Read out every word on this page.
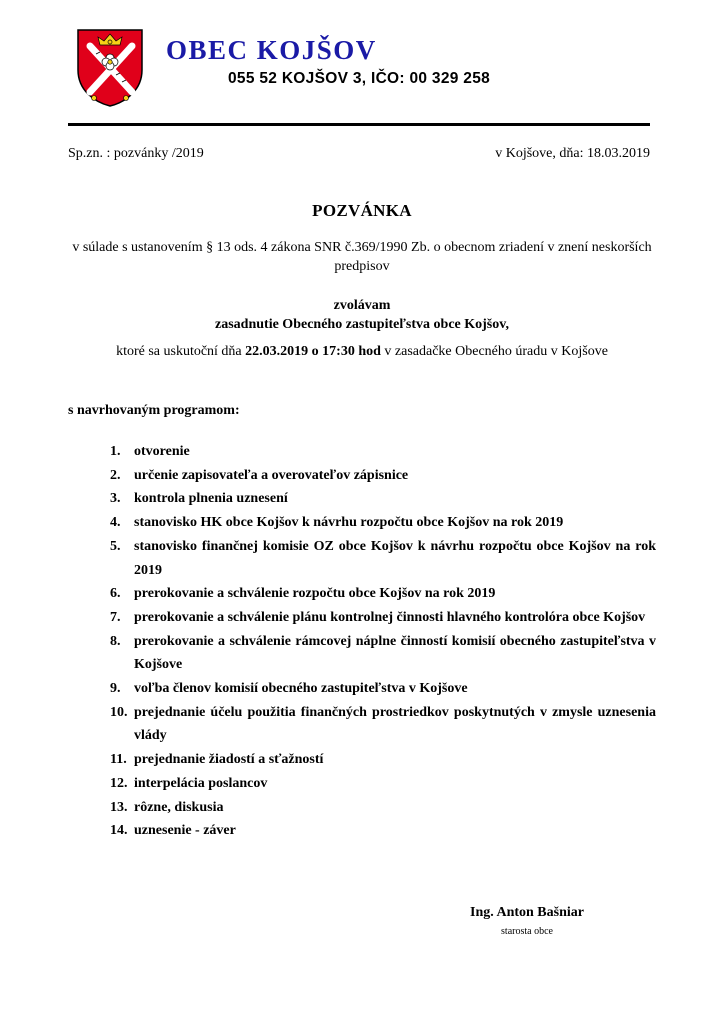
OBEC KOJŠOV
055 52 KOJŠOV 3, IČO: 00 329 258
Sp.zn. : pozvánky /2019	v Kojšove, dňa: 18.03.2019
POZVÁNKA
v súlade s ustanovením § 13 ods. 4 zákona SNR č.369/1990 Zb. o obecnom zriadení v znení neskorších predpisov
zvolávam
zasadnutie Obecného zastupiteľstva obce Kojšov,
ktoré sa uskutoční dňa 22.03.2019 o 17:30 hod v zasadačke Obecného úradu v Kojšove
s navrhovaným programom:
1. otvorenie
2. určenie zapisovateľa a overovateľov zápisnice
3. kontrola plnenia uznesení
4. stanovisko HK obce Kojšov k návrhu rozpočtu obce Kojšov na rok 2019
5. stanovisko finančnej komisie OZ obce Kojšov k návrhu rozpočtu obce Kojšov na rok 2019
6. prerokovanie a schválenie rozpočtu obce Kojšov na rok 2019
7. prerokovanie a schválenie plánu kontrolnej činnosti hlavného kontrolóra obce Kojšov
8. prerokovanie a schválenie rámcovej náplne činností komisií obecného zastupiteľstva v Kojšove
9. voľba členov komisií obecného zastupiteľstva v Kojšove
10. prejednanie účelu použitia finančných prostriedkov poskytnutých v zmysle uznesenia vlády
11. prejednanie žiadostí a sťažností
12. interpelácia poslancov
13. rôzne, diskusia
14. uznesenie - záver
Ing. Anton Bašniar
starosta obce
